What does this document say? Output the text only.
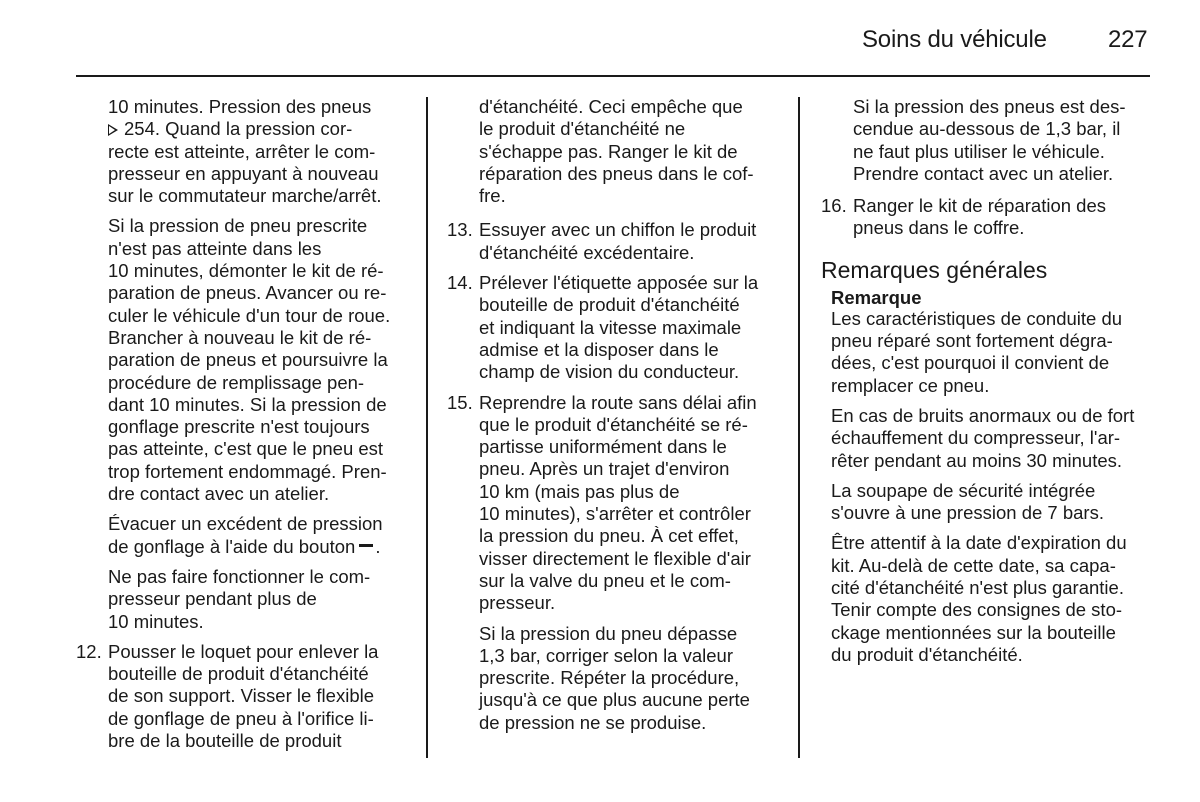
Soins du véhicule	227
10 minutes. Pression des pneus
254. Quand la pression cor-
recte est atteinte, arrêter le com-
presseur en appuyant à nouveau
sur le commutateur marche/arrêt.
Si la pression de pneu prescrite
n'est pas atteinte dans les
10 minutes, démonter le kit de ré-
paration de pneus. Avancer ou re-
culer le véhicule d'un tour de roue.
Brancher à nouveau le kit de ré-
paration de pneus et poursuivre la
procédure de remplissage pen-
dant 10 minutes. Si la pression de
gonflage prescrite n'est toujours
pas atteinte, c'est que le pneu est
trop fortement endommagé. Pren-
dre contact avec un atelier.
Évacuer un excédent de pression
de gonflage à l'aide du bouton .
Ne pas faire fonctionner le com-
presseur pendant plus de
10 minutes.
12. Pousser le loquet pour enlever la
bouteille de produit d'étanchéité
de son support. Visser le flexible
de gonflage de pneu à l'orifice li-
bre de la bouteille de produit
d'étanchéité. Ceci empêche que
le produit d'étanchéité ne
s'échappe pas. Ranger le kit de
réparation des pneus dans le cof-
fre.
13. Essuyer avec un chiffon le produit
d'étanchéité excédentaire.
14. Prélever l'étiquette apposée sur la
bouteille de produit d'étanchéité
et indiquant la vitesse maximale
admise et la disposer dans le
champ de vision du conducteur.
15. Reprendre la route sans délai afin
que le produit d'étanchéité se ré-
partisse uniformément dans le
pneu. Après un trajet d'environ
10 km (mais pas plus de
10 minutes), s'arrêter et contrôler
la pression du pneu. À cet effet,
visser directement le flexible d'air
sur la valve du pneu et le com-
presseur.
Si la pression du pneu dépasse
1,3 bar, corriger selon la valeur
prescrite. Répéter la procédure,
jusqu'à ce que plus aucune perte
de pression ne se produise.
Si la pression des pneus est des-
cendue au-dessous de 1,3 bar, il
ne faut plus utiliser le véhicule.
Prendre contact avec un atelier.
16. Ranger le kit de réparation des
pneus dans le coffre.
Remarques générales
Remarque
Les caractéristiques de conduite du
pneu réparé sont fortement dégra-
dées, c'est pourquoi il convient de
remplacer ce pneu.
En cas de bruits anormaux ou de fort
échauffement du compresseur, l'ar-
rêter pendant au moins 30 minutes.
La soupape de sécurité intégrée
s'ouvre à une pression de 7 bars.
Être attentif à la date d'expiration du
kit. Au-delà de cette date, sa capa-
cité d'étanchéité n'est plus garantie.
Tenir compte des consignes de sto-
ckage mentionnées sur la bouteille
du produit d'étanchéité.
